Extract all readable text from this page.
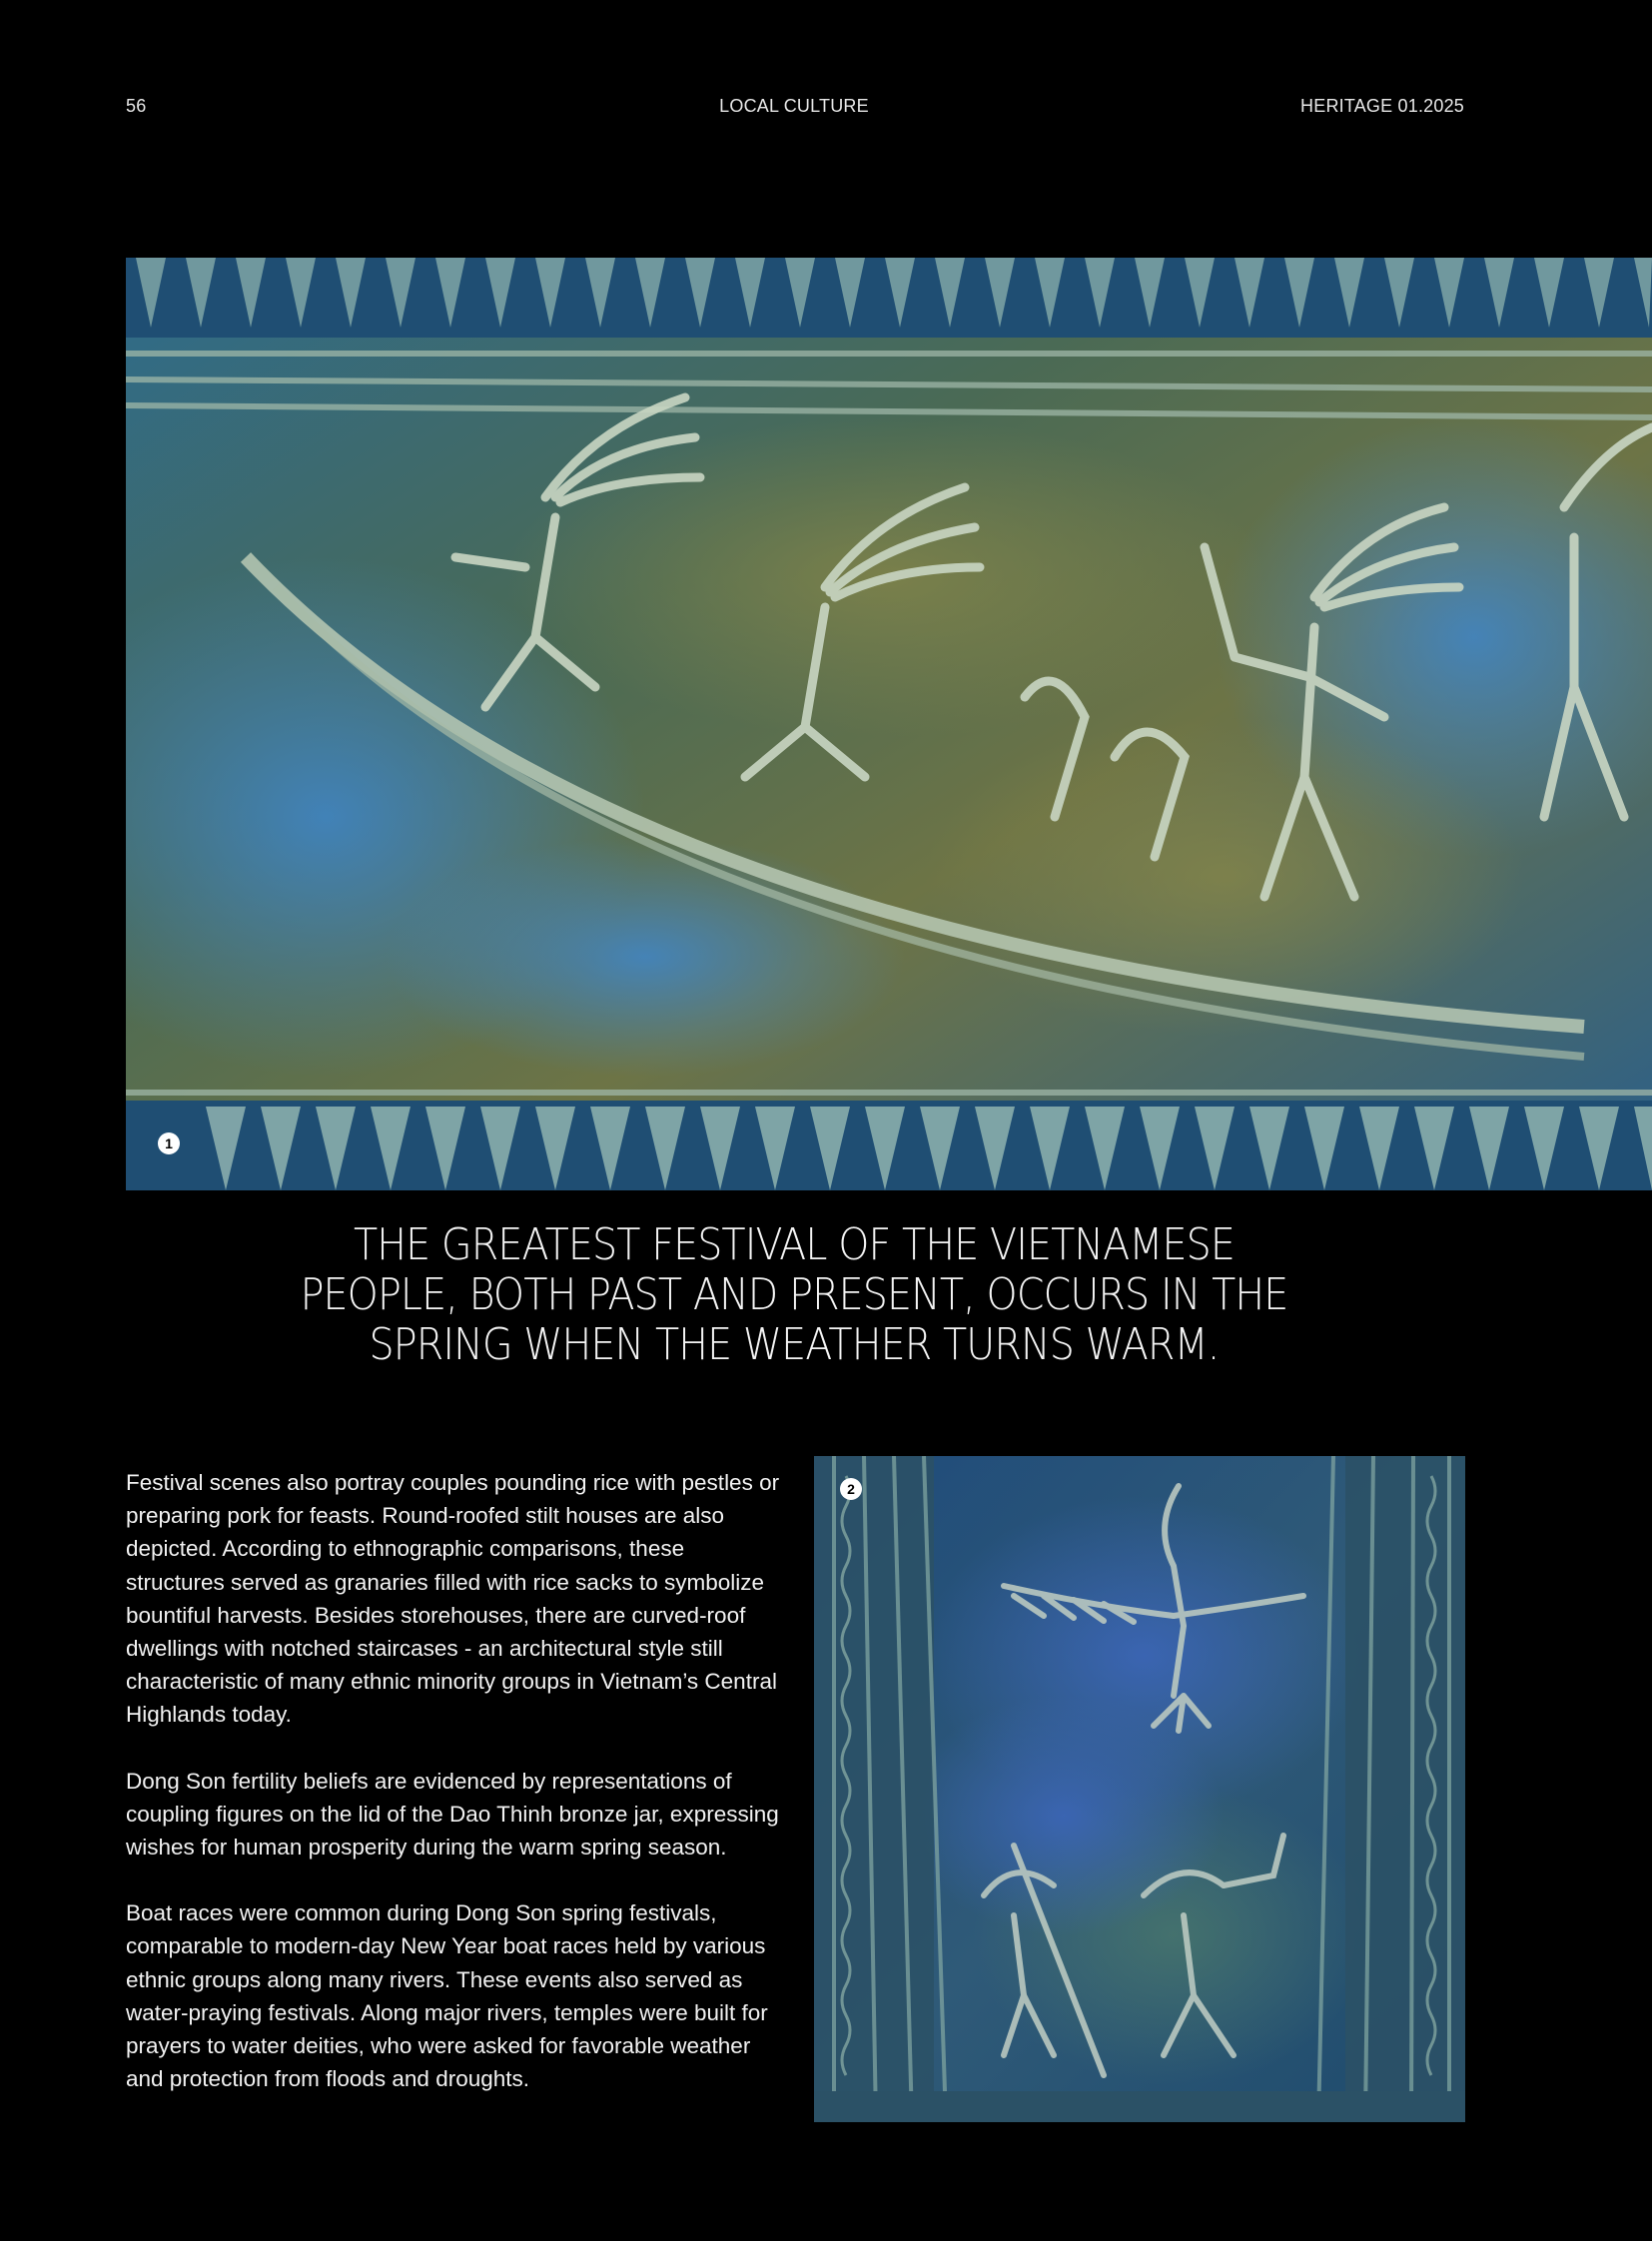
56	LOCAL CULTURE	HERITAGE 01.2025
1
THE GREATEST FESTIVAL OF THE VIETNAMESE
PEOPLE, BOTH PAST AND PRESENT, OCCURS IN THE
SPRING WHEN THE WEATHER TURNS WARM.

Festival scenes also portray couples pounding rice with pestles or preparing pork for feasts. Round-roofed stilt houses are also depicted. According to ethnographic comparisons, these structures served as granaries filled with rice sacks to symbolize bountiful harvests. Besides storehouses, there are curved-roof dwellings with notched staircases - an architectural style still characteristic of many ethnic minority groups in Vietnam’s Central Highlands today.

Dong Son fertility beliefs are evidenced by representations of coupling figures on the lid of the Dao Thinh bronze jar, expressing wishes for human prosperity during the warm spring season.

Boat races were common during Dong Son spring festivals, comparable to modern-day New Year boat races held by various ethnic groups along many rivers. These events also served as water-praying festivals. Along major rivers, temples were built for prayers to water deities, who were asked for favorable weather and protection from floods and droughts.

2
